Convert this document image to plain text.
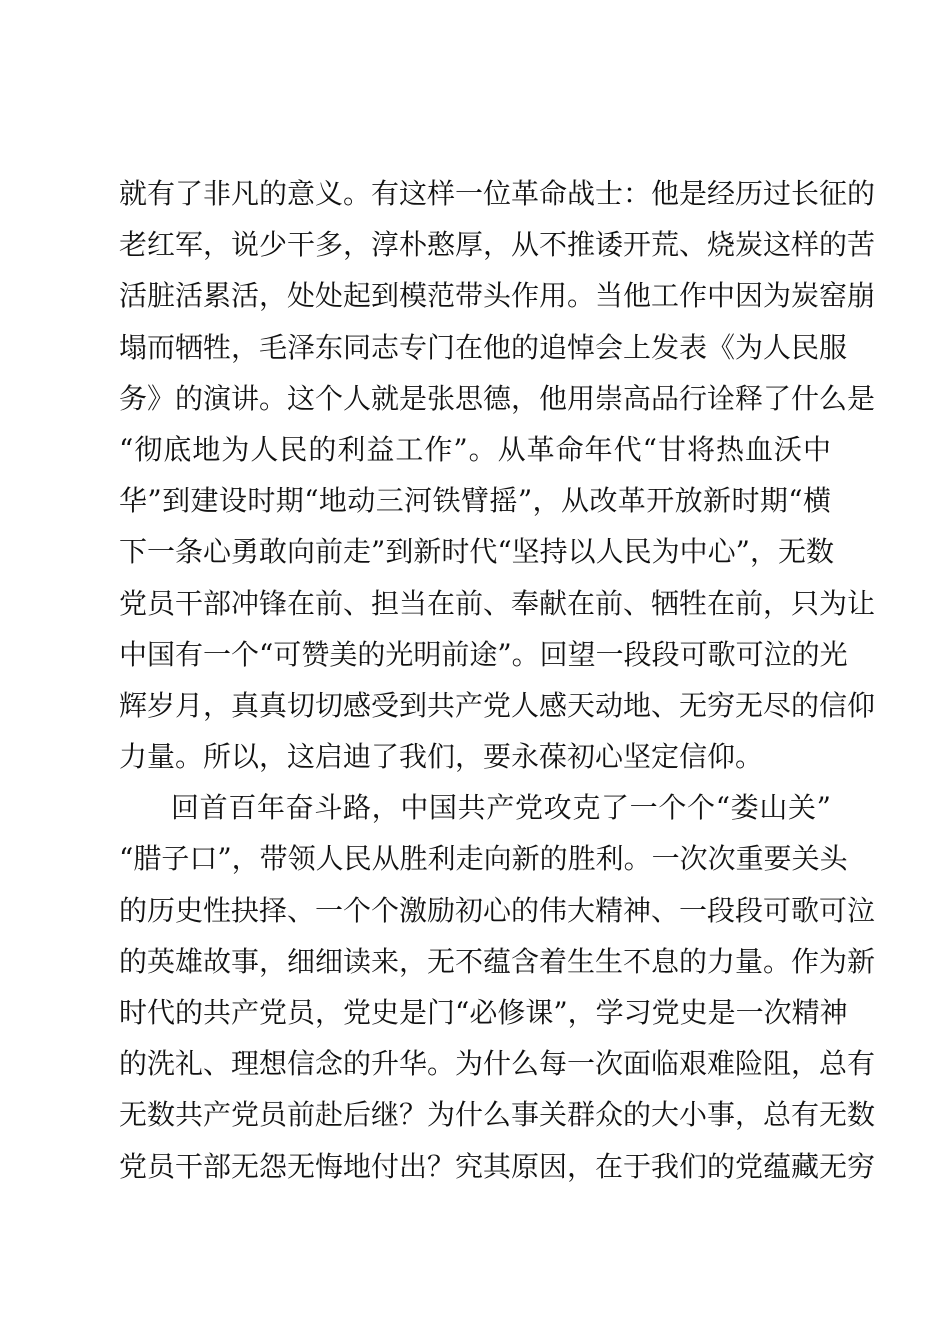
就有了非凡的意义。有这样一位革命战士：他是经历过长征的
老红军，说少干多，淳朴憨厚，从不推诿开荒、烧炭这样的苦
活脏活累活，处处起到模范带头作用。当他工作中因为炭窑崩
塌而牺牲，毛泽东同志专门在他的追悼会上发表《为人民服
务》的演讲。这个人就是张思德，他用崇高品行诠释了什么是
“彻底地为人民的利益工作”。从革命年代“甘将热血沃中
华”到建设时期“地动三河铁臂摇”，从改革开放新时期“横
下一条心勇敢向前走”到新时代“坚持以人民为中心”，无数
党员干部冲锋在前、担当在前、奉献在前、牺牲在前，只为让
中国有一个“可赞美的光明前途”。回望一段段可歌可泣的光
辉岁月，真真切切感受到共产党人感天动地、无穷无尽的信仰
力量。所以，这启迪了我们，要永葆初心坚定信仰。
回首百年奋斗路，中国共产党攻克了一个个“娄山关”
“腊子口”，带领人民从胜利走向新的胜利。一次次重要关头
的历史性抉择、一个个激励初心的伟大精神、一段段可歌可泣
的英雄故事，细细读来，无不蕴含着生生不息的力量。作为新
时代的共产党员，党史是门“必修课”，学习党史是一次精神
的洗礼、理想信念的升华。为什么每一次面临艰难险阻，总有
无数共产党员前赴后继？为什么事关群众的大小事，总有无数
党员干部无怨无悔地付出？究其原因，在于我们的党蕴藏无穷
